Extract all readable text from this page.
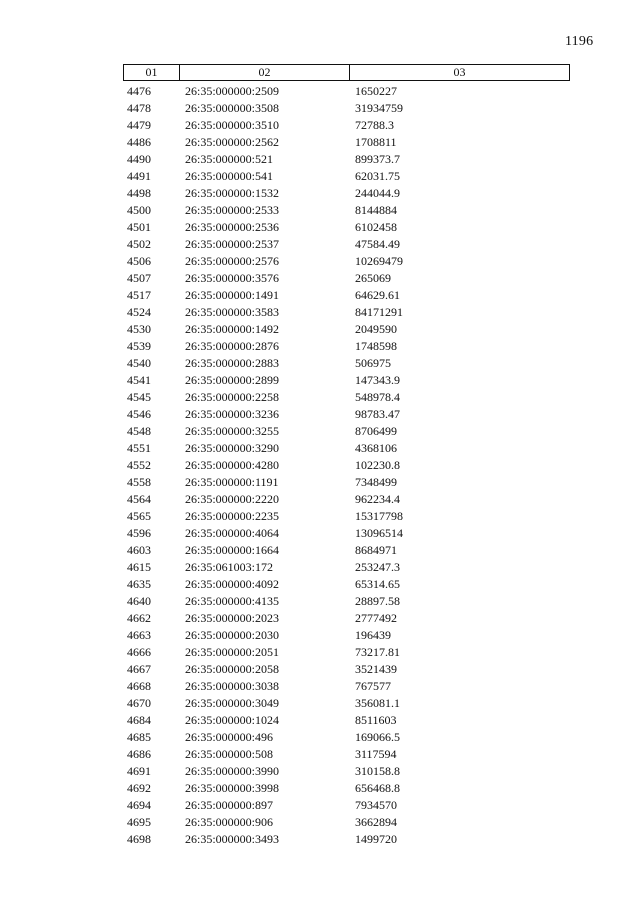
1196
01	02	03
4476	26:35:000000:2509	1650227
4478	26:35:000000:3508	31934759
4479	26:35:000000:3510	72788.3
4486	26:35:000000:2562	1708811
4490	26:35:000000:521	899373.7
4491	26:35:000000:541	62031.75
4498	26:35:000000:1532	244044.9
4500	26:35:000000:2533	8144884
4501	26:35:000000:2536	6102458
4502	26:35:000000:2537	47584.49
4506	26:35:000000:2576	10269479
4507	26:35:000000:3576	265069
4517	26:35:000000:1491	64629.61
4524	26:35:000000:3583	84171291
4530	26:35:000000:1492	2049590
4539	26:35:000000:2876	1748598
4540	26:35:000000:2883	506975
4541	26:35:000000:2899	147343.9
4545	26:35:000000:2258	548978.4
4546	26:35:000000:3236	98783.47
4548	26:35:000000:3255	8706499
4551	26:35:000000:3290	4368106
4552	26:35:000000:4280	102230.8
4558	26:35:000000:1191	7348499
4564	26:35:000000:2220	962234.4
4565	26:35:000000:2235	15317798
4596	26:35:000000:4064	13096514
4603	26:35:000000:1664	8684971
4615	26:35:061003:172	253247.3
4635	26:35:000000:4092	65314.65
4640	26:35:000000:4135	28897.58
4662	26:35:000000:2023	2777492
4663	26:35:000000:2030	196439
4666	26:35:000000:2051	73217.81
4667	26:35:000000:2058	3521439
4668	26:35:000000:3038	767577
4670	26:35:000000:3049	356081.1
4684	26:35:000000:1024	8511603
4685	26:35:000000:496	169066.5
4686	26:35:000000:508	3117594
4691	26:35:000000:3990	310158.8
4692	26:35:000000:3998	656468.8
4694	26:35:000000:897	7934570
4695	26:35:000000:906	3662894
4698	26:35:000000:3493	1499720
